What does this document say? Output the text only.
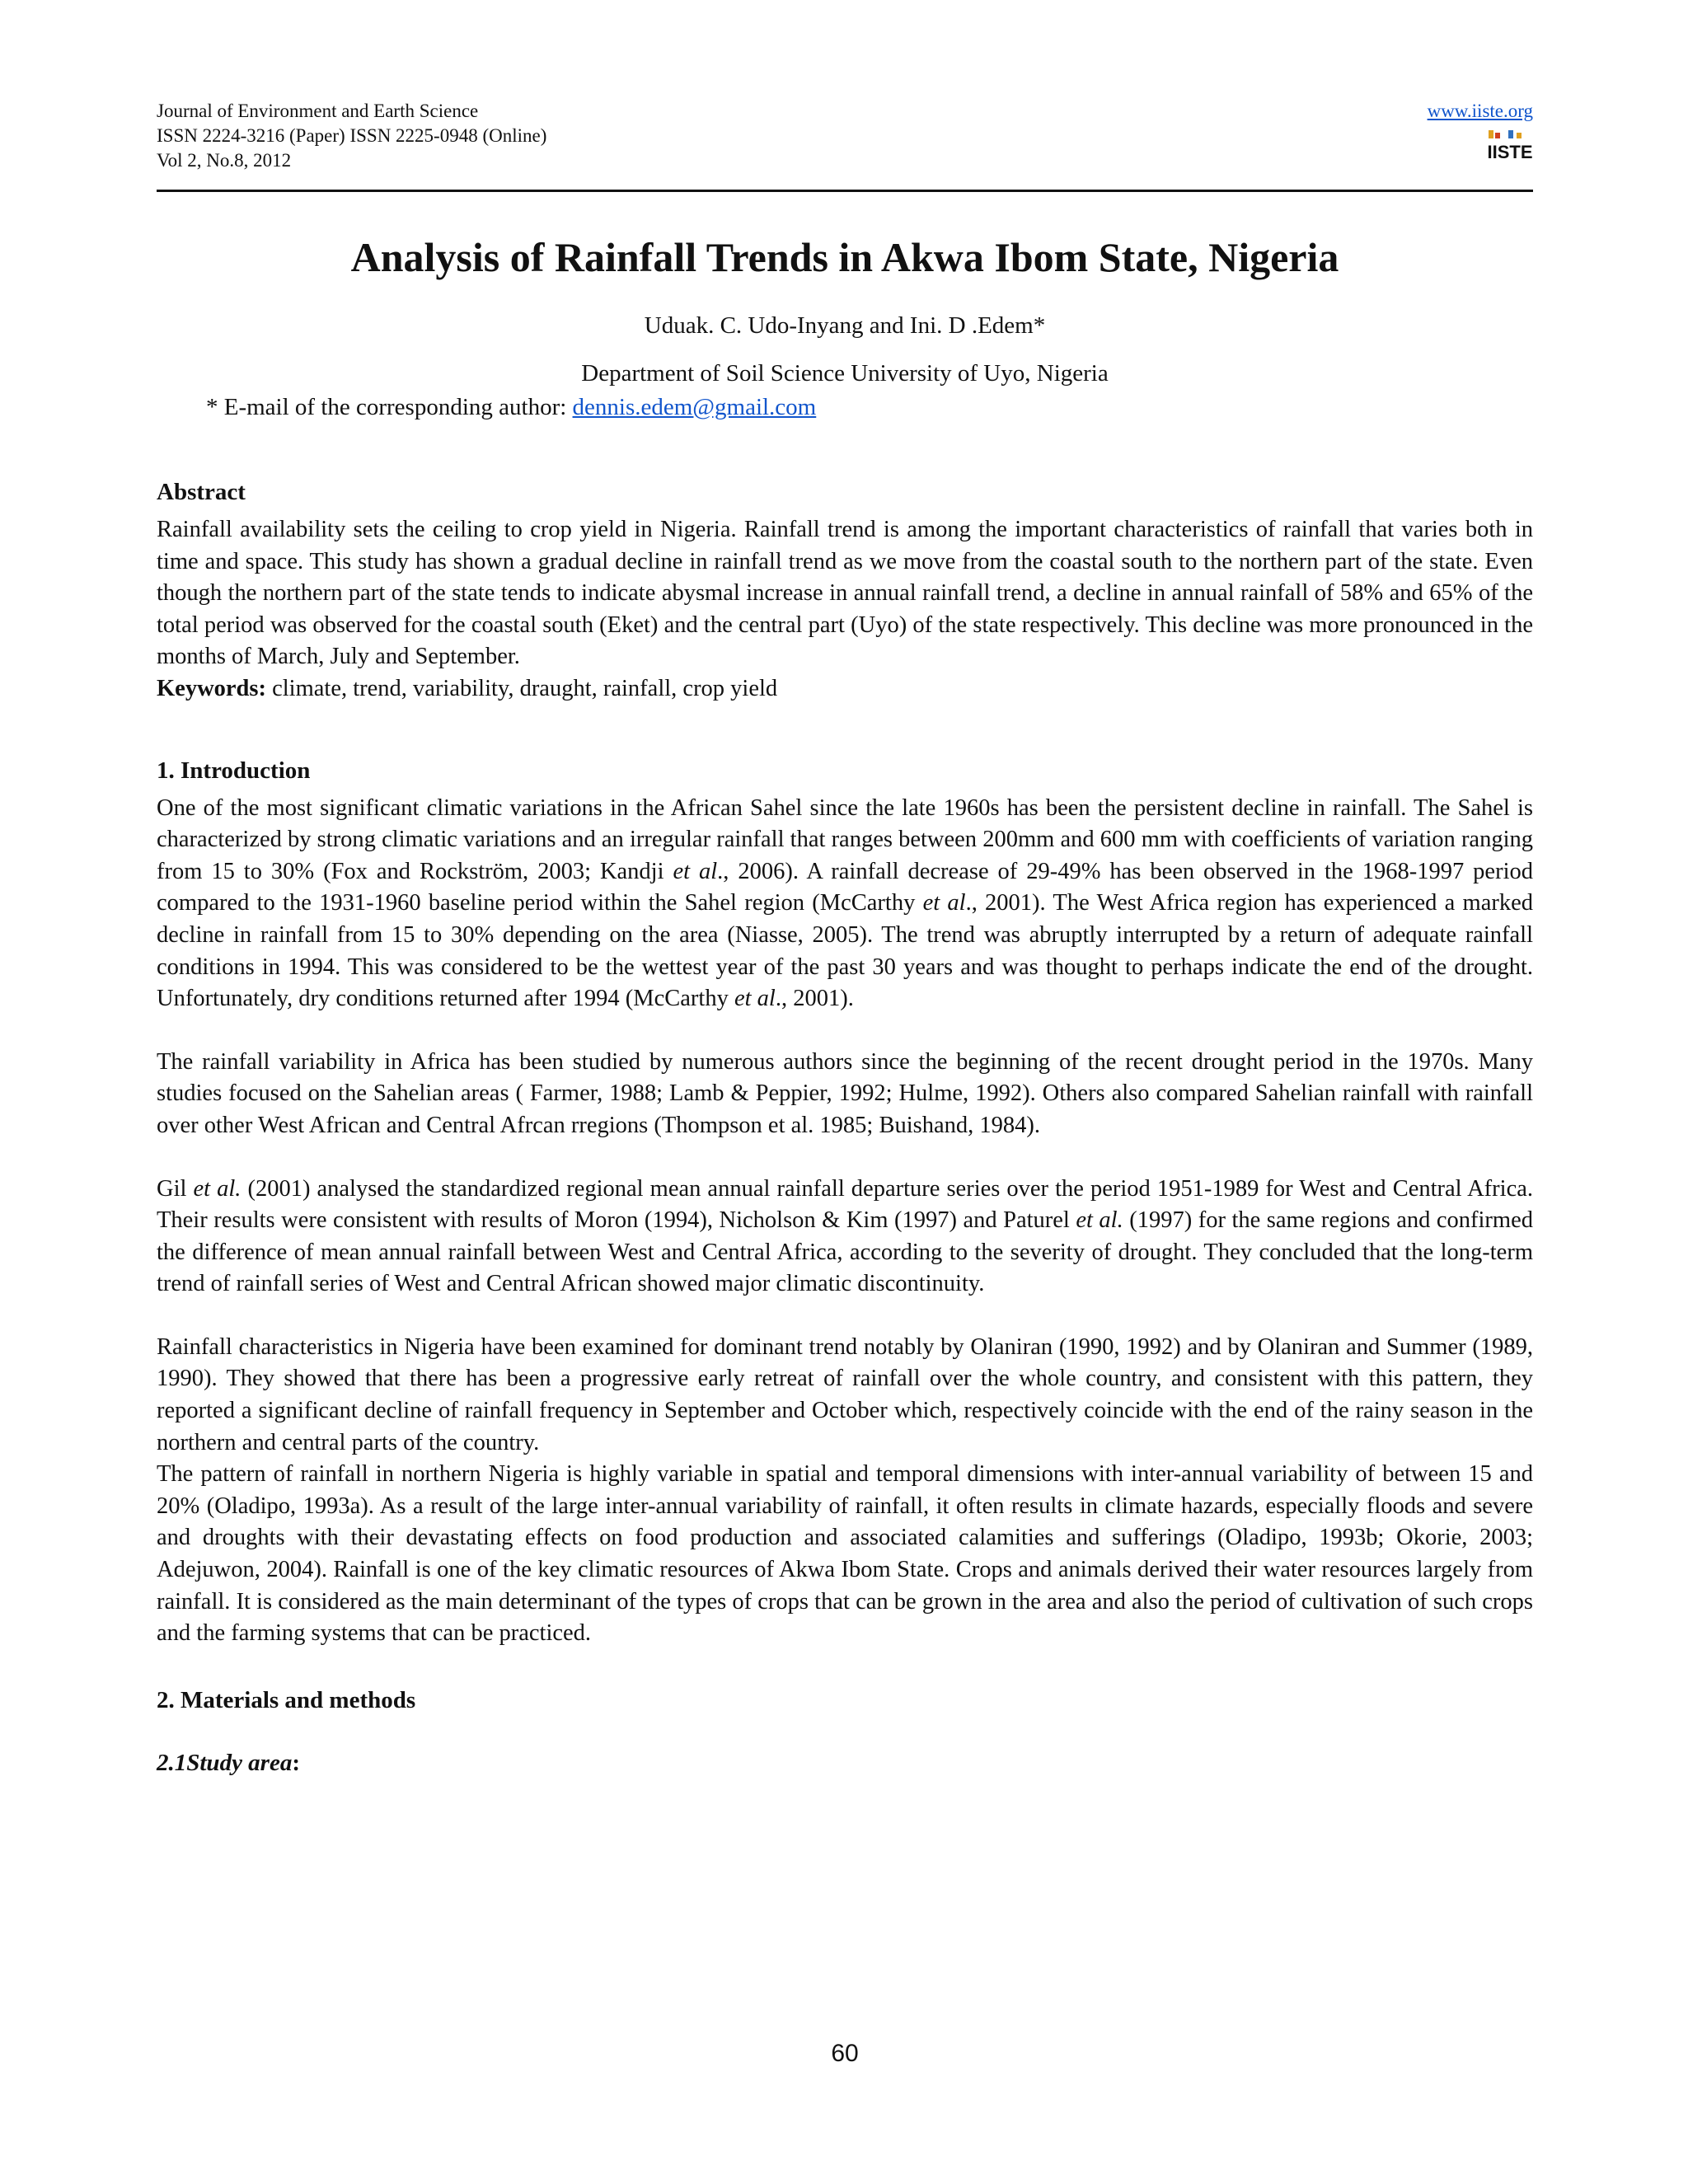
Journal of Environment and Earth Science
ISSN 2224-3216 (Paper) ISSN 2225-0948 (Online)
Vol 2, No.8, 2012
www.iiste.org
IISTE
Analysis of Rainfall Trends in Akwa Ibom State, Nigeria
Uduak. C. Udo-Inyang and Ini. D .Edem*
Department of Soil Science University of Uyo, Nigeria
* E-mail of the corresponding author: dennis.edem@gmail.com
Abstract

Rainfall availability sets the ceiling to crop yield in Nigeria. Rainfall trend is among the important characteristics of rainfall that varies both in time and space. This study has shown a gradual decline in rainfall trend as we move from the coastal south to the northern part of the state. Even though the northern part of the state tends to indicate abysmal increase in annual rainfall trend, a decline in annual rainfall of 58% and 65% of the total period was observed for the coastal south (Eket) and the central part (Uyo) of the state respectively. This decline was more pronounced in the months of March, July and September.

Keywords: climate, trend, variability, draught, rainfall, crop yield

1. Introduction

One of the most significant climatic variations in the African Sahel since the late 1960s has been the persistent decline in rainfall. The Sahel is characterized by strong climatic variations and an irregular rainfall that ranges between 200mm and 600 mm with coefficients of variation ranging from 15 to 30% (Fox and Rockström, 2003; Kandji et al., 2006). A rainfall decrease of 29-49% has been observed in the 1968-1997 period compared to the 1931-1960 baseline period within the Sahel region (McCarthy et al., 2001). The West Africa region has experienced a marked decline in rainfall from 15 to 30% depending on the area (Niasse, 2005). The trend was abruptly interrupted by a return of adequate rainfall conditions in 1994. This was considered to be the wettest year of the past 30 years and was thought to perhaps indicate the end of the drought. Unfortunately, dry conditions returned after 1994 (McCarthy et al., 2001).

The rainfall variability in Africa has been studied by numerous authors since the beginning of the recent drought period in the 1970s. Many studies focused on the Sahelian areas ( Farmer, 1988; Lamb & Peppier, 1992; Hulme, 1992). Others also compared Sahelian rainfall with rainfall over other West African and Central Afrcan rregions (Thompson et al. 1985; Buishand, 1984).

Gil et al. (2001) analysed the standardized regional mean annual rainfall departure series over the period 1951-1989 for West and Central Africa. Their results were consistent with results of Moron (1994), Nicholson & Kim (1997) and Paturel et al. (1997) for the same regions and confirmed the difference of mean annual rainfall between West and Central Africa, according to the severity of drought. They concluded that the long-term trend of rainfall series of West and Central African showed major climatic discontinuity.

Rainfall characteristics in Nigeria have been examined for dominant trend notably by Olaniran (1990, 1992) and by Olaniran and Summer (1989, 1990). They showed that there has been a progressive early retreat of rainfall over the whole country, and consistent with this pattern, they reported a significant decline of rainfall frequency in September and October which, respectively coincide with the end of the rainy season in the northern and central parts of the country.

The pattern of rainfall in northern Nigeria is highly variable in spatial and temporal dimensions with inter-annual variability of between 15 and 20% (Oladipo, 1993a). As a result of the large inter-annual variability of rainfall, it often results in climate hazards, especially floods and severe and droughts with their devastating effects on food production and associated calamities and sufferings (Oladipo, 1993b; Okorie, 2003; Adejuwon, 2004). Rainfall is one of the key climatic resources of Akwa Ibom State. Crops and animals derived their water resources largely from rainfall. It is considered as the main determinant of the types of crops that can be grown in the area and also the period of cultivation of such crops and the farming systems that can be practiced.

2. Materials and methods
2.1Study area:
60
